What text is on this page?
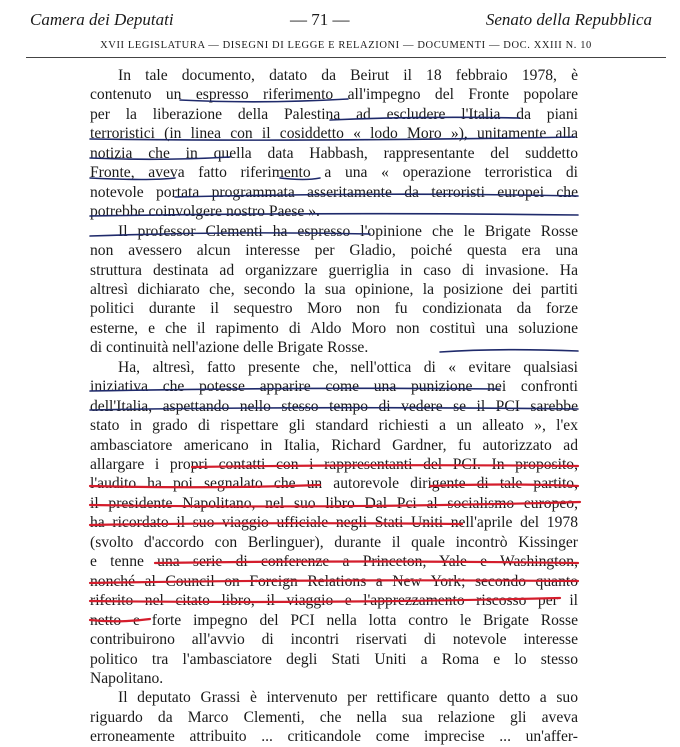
Camera dei Deputati	— 71 —	Senato della Repubblica
XVII LEGISLATURA — DISEGNI DI LEGGE E RELAZIONI — DOCUMENTI — DOC. XXIII N. 10
In tale documento, datato da Beirut il 18 febbraio 1978, è
contenuto un espresso riferimento all'impegno del Fronte popolare
per la liberazione della Palestina ad escludere l'Italia da piani
terroristici (in linea con il cosiddetto « lodo Moro »), unitamente alla
notizia che in quella data Habbash, rappresentante del suddetto
Fronte, aveva fatto riferimento a una « operazione terroristica di
notevole portata programmata asseritamente da terroristi europei che
potrebbe coinvolgere nostro Paese ».
Il professor Clementi ha espresso l'opinione che le Brigate Rosse
non avessero alcun interesse per Gladio, poiché questa era una
struttura destinata ad organizzare guerriglia in caso di invasione. Ha
altresì dichiarato che, secondo la sua opinione, la posizione dei partiti
politici durante il sequestro Moro non fu condizionata da forze
esterne, e che il rapimento di Aldo Moro non costituì una soluzione
di continuità nell'azione delle Brigate Rosse.
Ha, altresì, fatto presente che, nell'ottica di « evitare qualsiasi
iniziativa che potesse apparire come una punizione nei confronti
dell'Italia, aspettando nello stesso tempo di vedere se il PCI sarebbe
stato in grado di rispettare gli standard richiesti a un alleato », l'ex
ambasciatore americano in Italia, Richard Gardner, fu autorizzato ad
allargare i propri contatti con i rappresentanti del PCI. In proposito,
l'audito ha poi segnalato che un autorevole dirigente di tale partito,
il presidente Napolitano, nel suo libro Dal Pci al socialismo europeo,
ha ricordato il suo viaggio ufficiale negli Stati Uniti nell'aprile del 1978
(svolto d'accordo con Berlinguer), durante il quale incontrò Kissinger
e tenne una serie di conferenze a Princeton, Yale e Washington,
nonché al Council on Foreign Relations a New York; secondo quanto
riferito nel citato libro, il viaggio e l'apprezzamento riscosso per il
netto e forte impegno del PCI nella lotta contro le Brigate Rosse
contribuirono all'avvio di incontri riservati di notevole interesse
politico tra l'ambasciatore degli Stati Uniti a Roma e lo stesso
Napolitano.
Il deputato Grassi è intervenuto per rettificare quanto detto a suo
riguardo da Marco Clementi, che nella sua relazione gli aveva
erroneamente attribuito ... criticandole come imprecise ... un'affer-
